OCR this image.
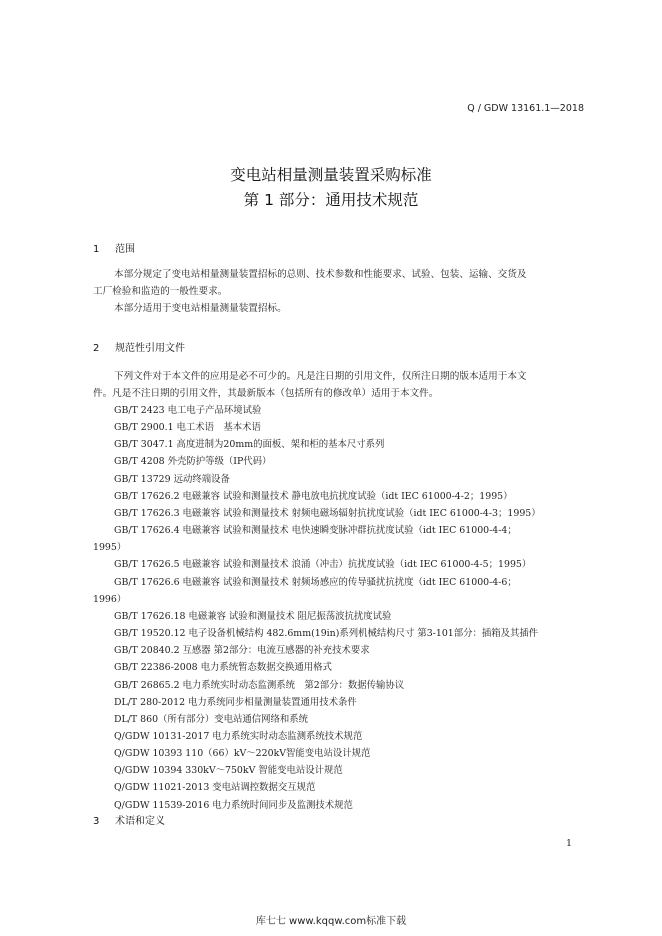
Q / GDW 13161.1—2018
变电站相量测量装置采购标准
第 1 部分：通用技术规范
1 范围

本部分规定了变电站相量测量装置招标的总则、技术参数和性能要求、试验、包装、运输、交货及
工厂检验和监造的一般性要求。
本部分适用于变电站相量测量装置招标。

2 规范性引用文件

下列文件对于本文件的应用是必不可少的。凡是注日期的引用文件，仅所注日期的版本适用于本文
件。凡是不注日期的引用文件，其最新版本（包括所有的修改单）适用于本文件。

GB/T 2423 电工电子产品环境试验
GB/T 2900.1 电工术语　基本术语
GB/T 3047.1 高度进制为20mm的面板、架和柜的基本尺寸系列
GB/T 4208 外壳防护等级（IP代码）
GB/T 13729 远动终端设备
GB/T 17626.2 电磁兼容 试验和测量技术 静电放电抗扰度试验（idt IEC 61000-4-2；1995）
GB/T 17626.3 电磁兼容 试验和测量技术 射频电磁场辐射抗扰度试验（idt IEC 61000-4-3；1995）
GB/T 17626.4 电磁兼容 试验和测量技术 电快速瞬变脉冲群抗扰度试验（idt IEC 61000-4-4；
1995）
GB/T 17626.5 电磁兼容 试验和测量技术 浪涌（冲击）抗扰度试验（idt IEC 61000-4-5；1995）
GB/T 17626.6 电磁兼容 试验和测量技术 射频场感应的传导骚扰抗扰度（idt IEC 61000-4-6；
1996）
GB/T 17626.18 电磁兼容 试验和测量技术 阻尼振荡波抗扰度试验
GB/T 19520.12 电子设备机械结构 482.6mm(19in)系列机械结构尺寸 第3-101部分：插箱及其插件
GB/T 20840.2 互感器 第2部分：电流互感器的补充技术要求
GB/T 22386-2008 电力系统暂态数据交换通用格式
GB/T 26865.2 电力系统实时动态监测系统　第2部分：数据传输协议
DL/T 280-2012 电力系统同步相量测量装置通用技术条件
DL/T 860（所有部分）变电站通信网络和系统
Q/GDW 10131-2017 电力系统实时动态监测系统技术规范
Q/GDW 10393 110（66）kV～220kV智能变电站设计规范
Q/GDW 10394 330kV～750kV 智能变电站设计规范
Q/GDW 11021-2013 变电站调控数据交互规范
Q/GDW 11539-2016 电力系统时间同步及监测技术规范
3 术语和定义
1
库七七 www.kqqw.com标准下载
